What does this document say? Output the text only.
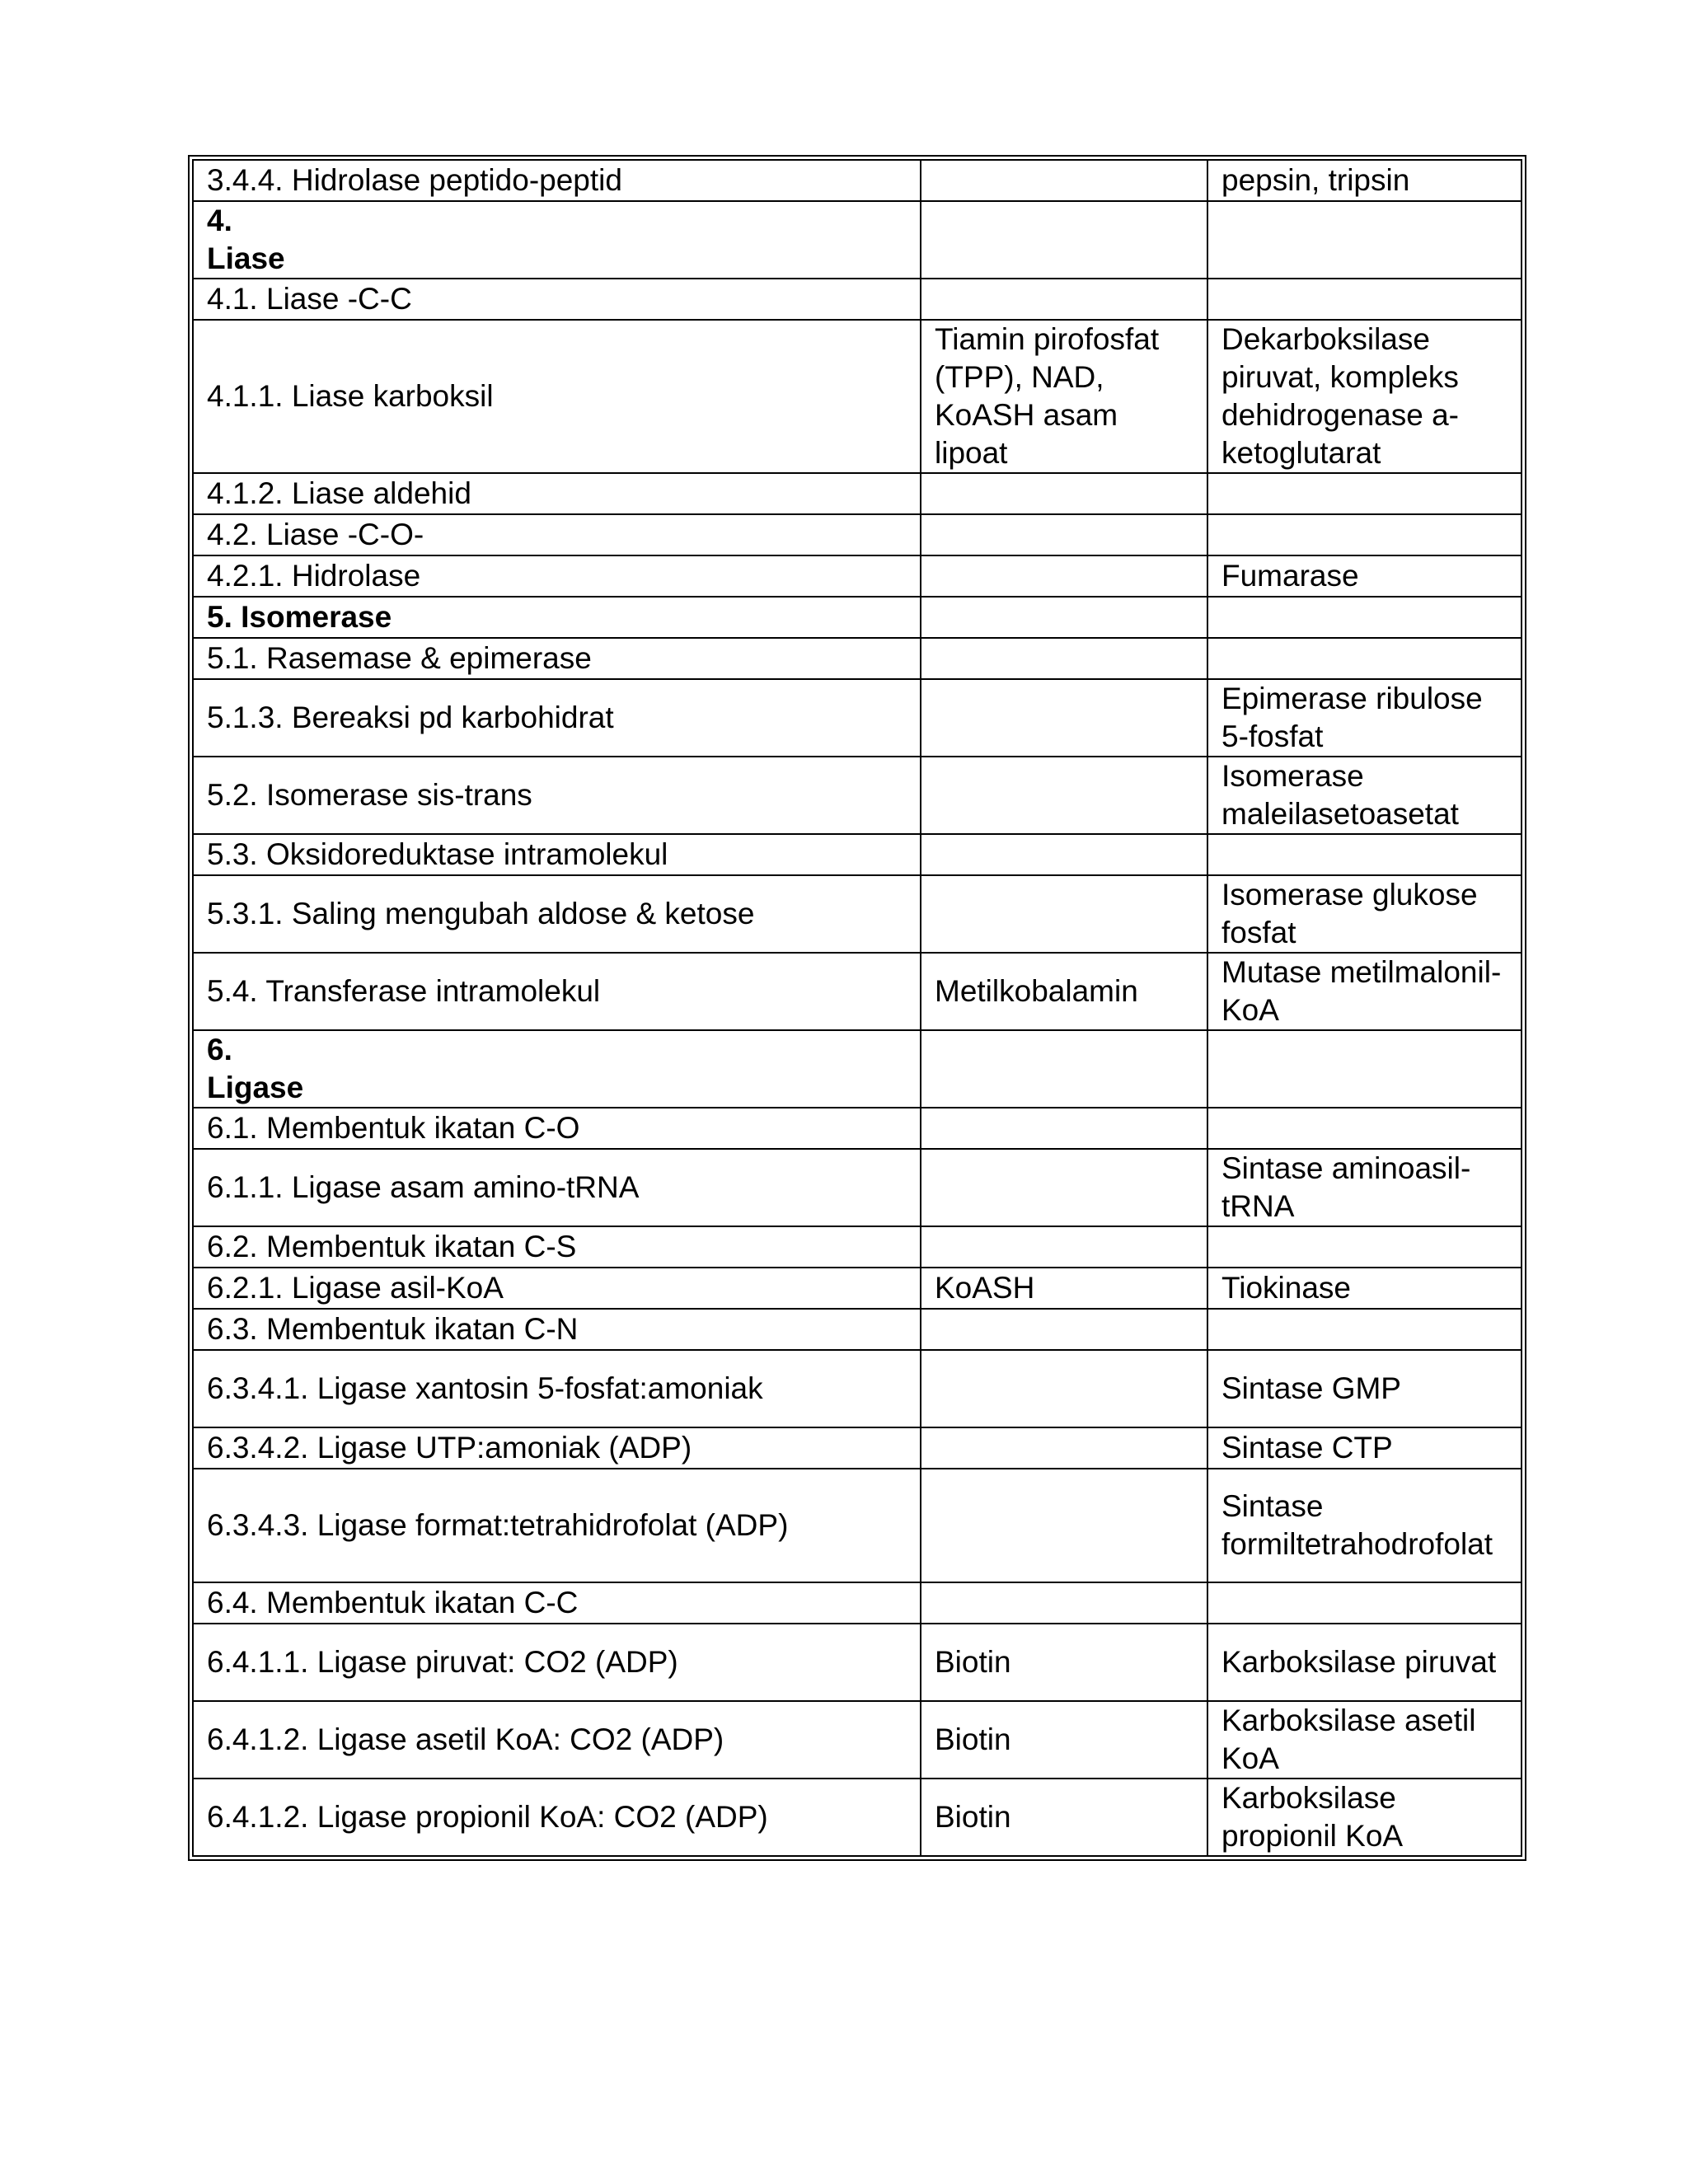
3.4.4. Hidrolase peptido-peptid		pepsin, tripsin
4.
Liase		
4.1. Liase -C-C		
4.1.1. Liase karboksil	Tiamin pirofosfat (TPP), NAD, KoASH asam lipoat	Dekarboksilase piruvat, kompleks dehidrogenase a-ketoglutarat
4.1.2. Liase aldehid		
4.2. Liase -C-O-		
4.2.1. Hidrolase		Fumarase
5. Isomerase		
5.1. Rasemase & epimerase		
5.1.3. Bereaksi pd karbohidrat		Epimerase ribulose 5-fosfat
5.2. Isomerase sis-trans		Isomerase maleilasetoasetat
5.3. Oksidoreduktase intramolekul		
5.3.1. Saling mengubah aldose & ketose		Isomerase glukose fosfat
5.4. Transferase intramolekul	Metilkobalamin	Mutase metilmalonil-KoA
6.
Ligase		
6.1. Membentuk ikatan C-O		
6.1.1. Ligase asam amino-tRNA		Sintase aminoasil-tRNA
6.2. Membentuk ikatan C-S		
6.2.1. Ligase asil-KoA	KoASH	Tiokinase
6.3. Membentuk ikatan C-N		
6.3.4.1. Ligase xantosin 5-fosfat:amoniak		Sintase GMP
6.3.4.2. Ligase UTP:amoniak (ADP)		Sintase CTP
6.3.4.3. Ligase format:tetrahidrofolat (ADP)		Sintase formiltetrahodrofolat
6.4. Membentuk ikatan C-C		
6.4.1.1. Ligase piruvat: CO2 (ADP)	Biotin	Karboksilase piruvat
6.4.1.2. Ligase asetil KoA: CO2 (ADP)	Biotin	Karboksilase asetil KoA
6.4.1.2. Ligase propionil KoA: CO2 (ADP)	Biotin	Karboksilase propionil KoA
